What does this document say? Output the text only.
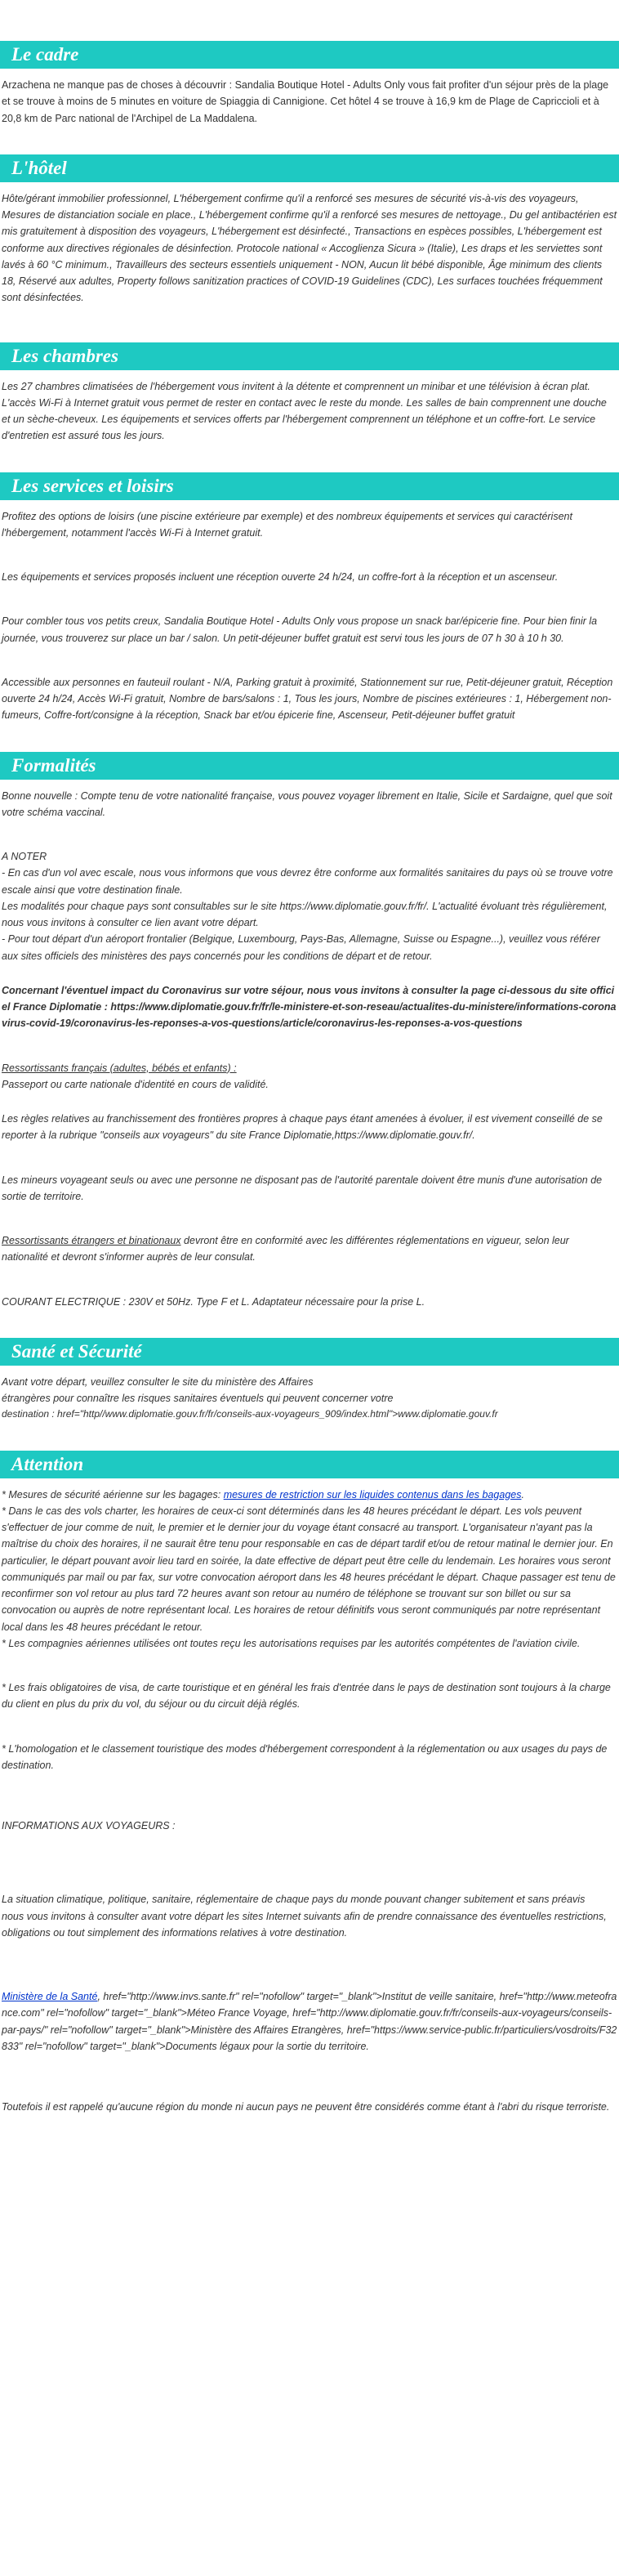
Le cadre

Arzachena ne manque pas de choses à découvrir : Sandalia Boutique Hotel - Adults Only vous fait profiter d'un séjour près de la plage et se trouve à moins de 5 minutes en voiture de Spiaggia di Cannigione. Cet hôtel 4 se trouve à 16,9 km de Plage de Capriccioli et à 20,8 km de Parc national de l'Archipel de La Maddalena.

L'hôtel

Hôte/gérant immobilier professionnel, L'hébergement confirme qu'il a renforcé ses mesures de sécurité vis-à-vis des voyageurs, Mesures de distanciation sociale en place., L'hébergement confirme qu'il a renforcé ses mesures de nettoyage., Du gel antibactérien est mis gratuitement à disposition des voyageurs, L'hébergement est désinfecté., Transactions en espèces possibles, L'hébergement est conforme aux directives régionales de désinfection. Protocole national « Accoglienza Sicura » (Italie), Les draps et les serviettes sont lavés à 60 °C minimum., Travailleurs des secteurs essentiels uniquement - NON, Aucun lit bébé disponible, Âge minimum des clients 18, Réservé aux adultes, Property follows sanitization practices of COVID-19 Guidelines (CDC), Les surfaces touchées fréquemment sont désinfectées.

Les chambres

Les 27 chambres climatisées de l'hébergement vous invitent à la détente et comprennent un minibar et une télévision à écran plat. L'accès Wi-Fi à Internet gratuit vous permet de rester en contact avec le reste du monde. Les salles de bain comprennent une douche et un sèche-cheveux. Les équipements et services offerts par l'hébergement comprennent un téléphone et un coffre-fort. Le service d'entretien est assuré tous les jours.

Les services et loisirs

Profitez des options de loisirs (une piscine extérieure par exemple) et des nombreux équipements et services qui caractérisent l'hébergement, notamment l'accès Wi-Fi à Internet gratuit.

Les équipements et services proposés incluent une réception ouverte 24 h/24, un coffre-fort à la réception et un ascenseur.

Pour combler tous vos petits creux, Sandalia Boutique Hotel - Adults Only vous propose un snack bar/épicerie fine. Pour bien finir la journée, vous trouverez sur place un bar / salon. Un petit-déjeuner buffet gratuit est servi tous les jours de 07 h 30 à 10 h 30.

Accessible aux personnes en fauteuil roulant - N/A, Parking gratuit à proximité, Stationnement sur rue, Petit-déjeuner gratuit, Réception ouverte 24 h/24, Accès Wi-Fi gratuit, Nombre de bars/salons : 1, Tous les jours, Nombre de piscines extérieures : 1, Hébergement non-fumeurs, Coffre-fort/consigne à la réception, Snack bar et/ou épicerie fine, Ascenseur, Petit-déjeuner buffet gratuit

Formalités

Bonne nouvelle : Compte tenu de votre nationalité française, vous pouvez voyager librement en Italie, Sicile et Sardaigne, quel que soit votre schéma vaccinal.

A NOTER
- En cas d'un vol avec escale, nous vous informons que vous devrez être conforme aux formalités sanitaires du pays où se trouve votre escale ainsi que votre destination finale.
Les modalités pour chaque pays sont consultables sur le site https://www.diplomatie.gouv.fr/fr/. L'actualité évoluant très régulièrement, nous vous invitons à consulter ce lien avant votre départ.
- Pour tout départ d'un aéroport frontalier (Belgique, Luxembourg, Pays-Bas, Allemagne, Suisse ou Espagne...), veuillez vous référer aux sites officiels des ministères des pays concernés pour les conditions de départ et de retour.

Concernant l'éventuel impact du Coronavirus sur votre séjour, nous vous invitons à consulter la page ci-dessous du site officiel France Diplomatie : https://www.diplomatie.gouv.fr/fr/le-ministere-et-son-reseau/actualites-du-ministere/informations-coronavirus-covid-19/coronavirus-les-reponses-a-vos-questions/article/coronavirus-les-reponses-a-vos-questions

Ressortissants français (adultes, bébés et enfants) :
Passeport ou carte nationale d'identité en cours de validité.

Les règles relatives au franchissement des frontières propres à chaque pays étant amenées à évoluer, il est vivement conseillé de se reporter à la rubrique "conseils aux voyageurs" du site France Diplomatie,https://www.diplomatie.gouv.fr/.

Les mineurs voyageant seuls ou avec une personne ne disposant pas de l'autorité parentale doivent être munis d'une autorisation de sortie de territoire.

Ressortissants étrangers et binationaux devront être en conformité avec les différentes réglementations en vigueur, selon leur nationalité et devront s'informer auprès de leur consulat.

COURANT ELECTRIQUE : 230V et 50Hz. Type F et L. Adaptateur nécessaire pour la prise L.

Santé et Sécurité

Avant votre départ, veuillez consulter le site du ministère des Affaires
étrangères pour connaître les risques sanitaires éventuels qui peuvent concerner votre
destination : href="http//www.diplomatie.gouv.fr/fr/conseils-aux-voyageurs_909/index.html">www.diplomatie.gouv.fr

Attention

* Mesures de sécurité aérienne sur les bagages: mesures de restriction sur les liquides contenus dans les bagages.

* Dans le cas des vols charter, les horaires de ceux-ci sont déterminés dans les 48 heures précédant le départ. Les vols peuvent s'effectuer de jour comme de nuit, le premier et le dernier jour du voyage étant consacré au transport. L'organisateur n'ayant pas la maîtrise du choix des horaires, il ne saurait être tenu pour responsable en cas de départ tardif et/ou de retour matinal le dernier jour. En particulier, le départ pouvant avoir lieu tard en soirée, la date effective de départ peut être celle du lendemain. Les horaires vous seront communiqués par mail ou par fax, sur votre convocation aéroport dans les 48 heures précédant le départ. Chaque passager est tenu de reconfirmer son vol retour au plus tard 72 heures avant son retour au numéro de téléphone se trouvant sur son billet ou sur sa convocation ou auprès de notre représentant local. Les horaires de retour définitifs vous seront communiqués par notre représentant local dans les 48 heures précédant le retour.

* Les compagnies aériennes utilisées ont toutes reçu les autorisations requises par les autorités compétentes de l'aviation civile.

* Les frais obligatoires de visa, de carte touristique et en général les frais d'entrée dans le pays de destination sont toujours à la charge du client en plus du prix du vol, du séjour ou du circuit déjà réglés.

* L'homologation et le classement touristique des modes d'hébergement correspondent à la réglementation ou aux usages du pays de destination.

INFORMATIONS AUX VOYAGEURS :

La situation climatique, politique, sanitaire, réglementaire de chaque pays du monde pouvant changer subitement et sans préavis
nous vous invitons à consulter avant votre départ les sites Internet suivants afin de prendre connaissance des éventuelles restrictions, obligations ou tout simplement des informations relatives à votre destination.

Ministère de la Santé, href="http://www.invs.sante.fr" rel="nofollow" target="_blank">Institut de veille sanitaire, href="http://www.meteofrance.com" rel="nofollow" target="_blank">Méteo France Voyage, href="http://www.diplomatie.gouv.fr/fr/conseils-aux-voyageurs/conseils-par-pays/" rel="nofollow" target="_blank">Ministère des Affaires Etrangères, href="https://www.service-public.fr/particuliers/vosdroits/F32833" rel="nofollow" target="_blank">Documents légaux pour la sortie du territoire.

Toutefois il est rappelé qu'aucune région du monde ni aucun pays ne peuvent être considérés comme étant à l'abri du risque terroriste.
